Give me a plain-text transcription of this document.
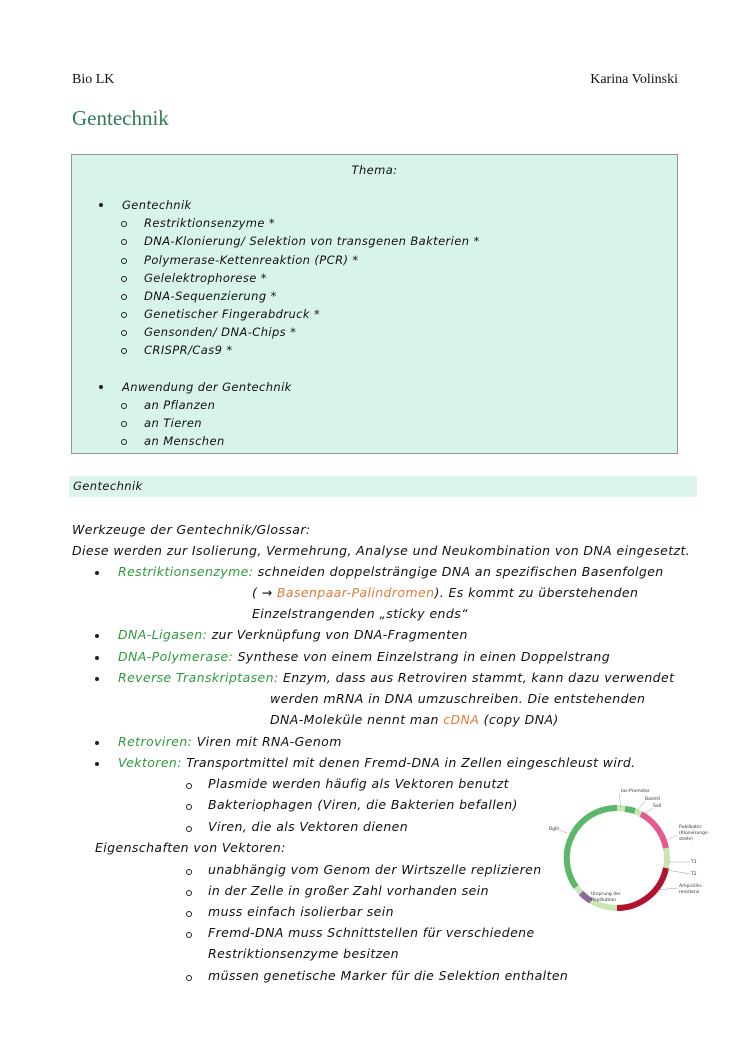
Bio LK	Karina Volinski
Gentechnik
Thema:
Gentechnik
Restriktionsenzyme *
DNA-Klonierung/ Selektion von transgenen Bakterien *
Polymerase-Kettenreaktion (PCR) *
Gelelektrophorese *
DNA-Sequenzierung *
Genetischer Fingerabdruck *
Gensonden/ DNA-Chips *
CRISPR/Cas9 *
Anwendung der Gentechnik
an Pflanzen
an Tieren
an Menschen
Gentechnik
Werkzeuge der Gentechnik/Glossar:
Diese werden zur Isolierung, Vermehrung, Analyse und Neukombination von DNA eingesetzt.
Restriktionsenzyme: schneiden doppelsträngige DNA an spezifischen Basenfolgen
( → Basenpaar-Palindromen). Es kommt zu überstehenden
Einzelstrangenden „sticky ends“
DNA-Ligasen: zur Verknüpfung von DNA-Fragmenten
DNA-Polymerase: Synthese von einem Einzelstrang in einen Doppelstrang
Reverse Transkriptasen: Enzym, dass aus Retroviren stammt, kann dazu verwendet
werden mRNA in DNA umzuschreiben. Die entstehenden
DNA-Moleküle nennt man cDNA (copy DNA)
Retroviren: Viren mit RNA-Genom
Vektoren: Transportmittel mit denen Fremd-DNA in Zellen eingeschleust wird.
Plasmide werden häufig als Vektoren benutzt
Bakteriophagen (Viren, die Bakterien befallen)
Viren, die als Vektoren dienen
Eigenschaften von Vektoren:
unabhängig vom Genom der Wirtszelle replizieren
in der Zelle in großer Zahl vorhanden sein
muss einfach isolierbar sein
Fremd-DNA muss Schnittstellen für verschiedene
Restriktionsenzyme besitzen
müssen genetische Marker für die Selektion enthalten
lac-Promotor
BamHI
SalI
BglII	Publikator
(Klonierungs-
stelle)
T1
T2
Ampicillin-
resistenz
Ursprung der
Replikation
